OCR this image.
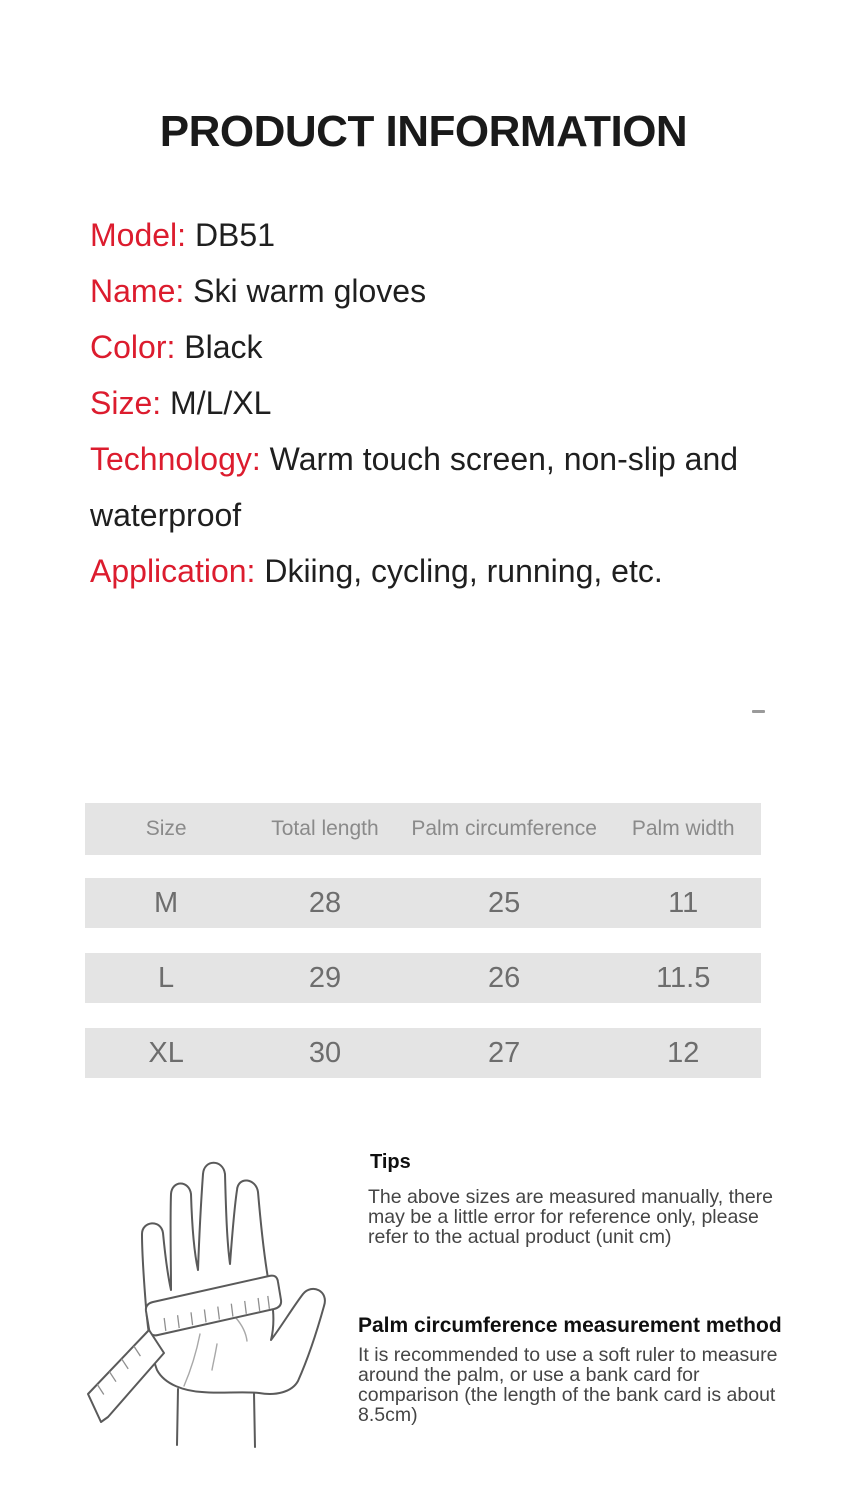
PRODUCT INFORMATION
Model: DB51
Name: Ski warm gloves
Color: Black
Size: M/L/XL
Technology: Warm touch screen, non-slip and waterproof
Application: Dkiing, cycling, running, etc.
Size	Total length	Palm circumference	Palm width
M	28	25	11
L	29	26	11.5
XL	30	27	12
Tips
The above sizes are measured manually, there
may be a little error for reference only, please
refer to the actual product (unit cm)
Palm circumference measurement method
It is recommended to use a soft ruler to measure
around the palm, or use a bank card for
comparison (the length of the bank card is about
8.5cm)
